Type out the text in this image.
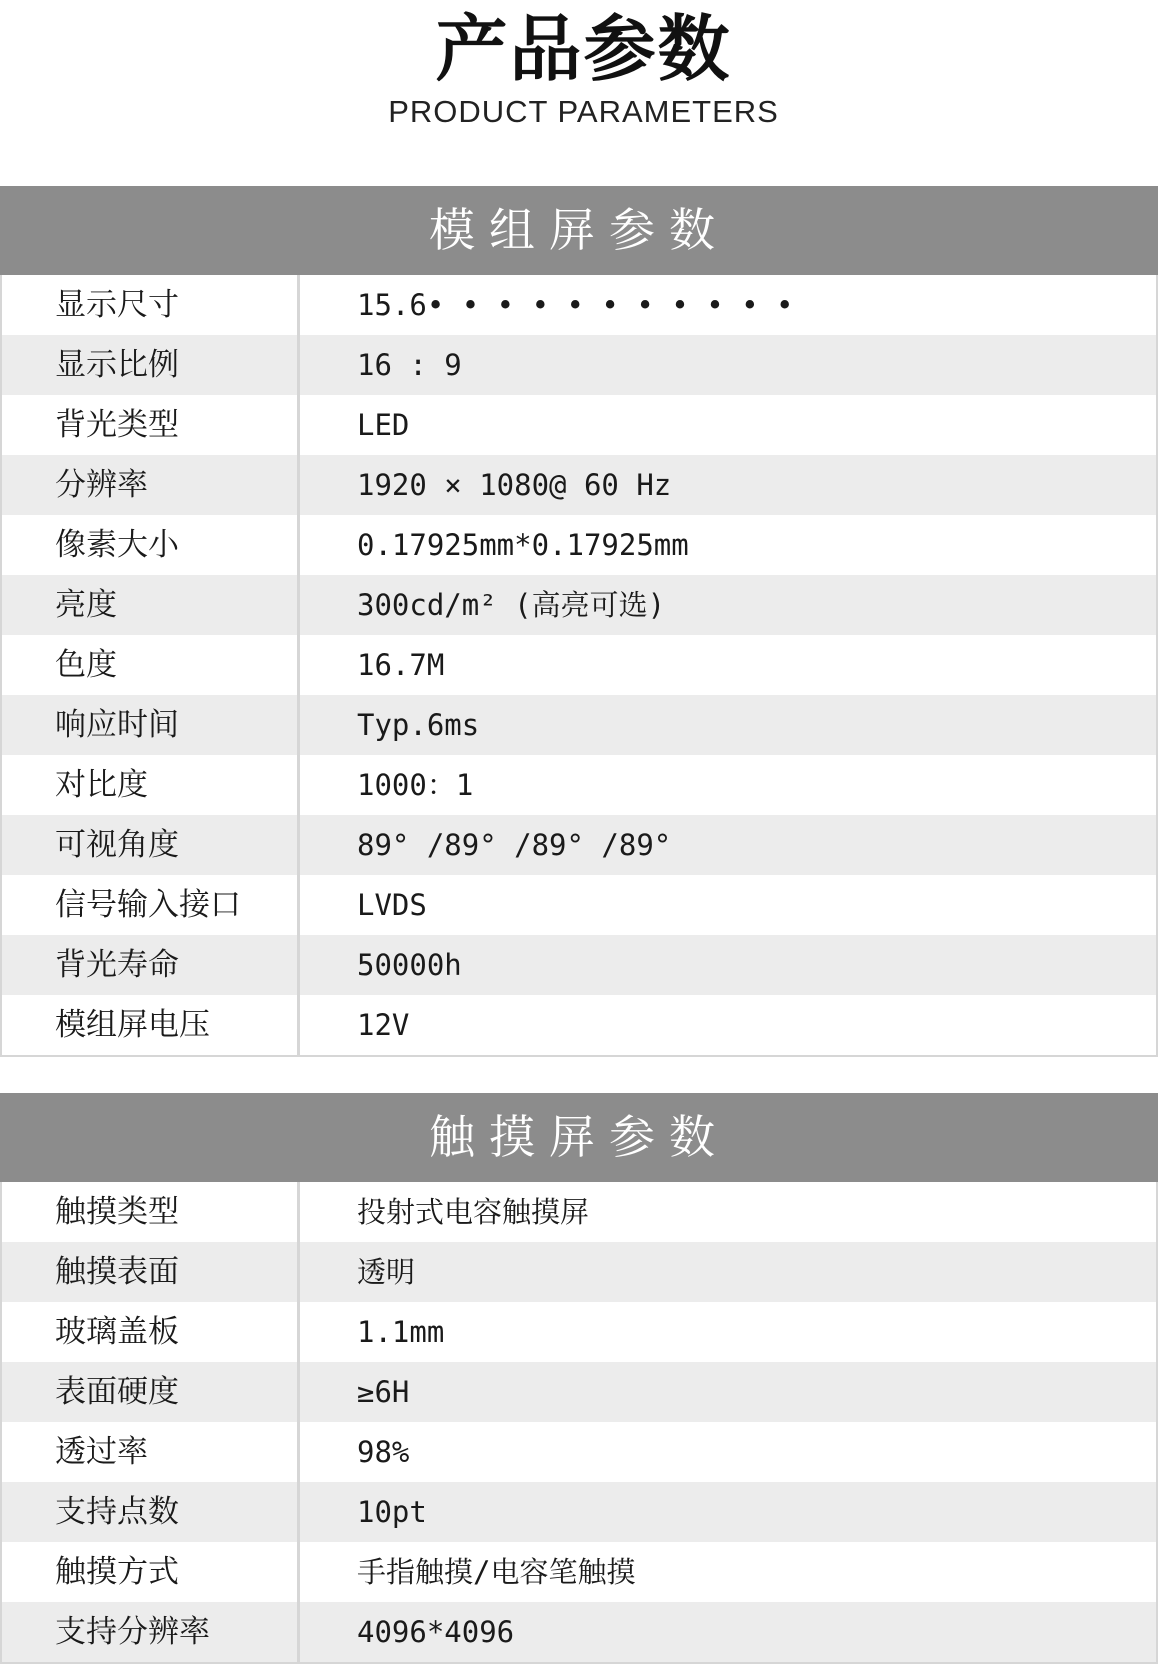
产品参数
PRODUCT PARAMETERS
模组屏参数
显示尺寸	15.6• • • • • • • • • • •
显示比例	16 : 9
背光类型	LED
分辨率	1920 × 1080@ 60 Hz
像素大小	0.17925mm*0.17925mm
亮度	300cd/m² (高亮可选)
色度	16.7M
响应时间	Typ.6ms
对比度	1000：1
可视角度	89° /89° /89° /89°
信号输入接口	LVDS
背光寿命	50000h
模组屏电压	12V
触摸屏参数
触摸类型	投射式电容触摸屏
触摸表面	透明
玻璃盖板	1.1mm
表面硬度	≥6H
透过率	98%
支持点数	10pt
触摸方式	手指触摸/电容笔触摸
支持分辨率	4096*4096
